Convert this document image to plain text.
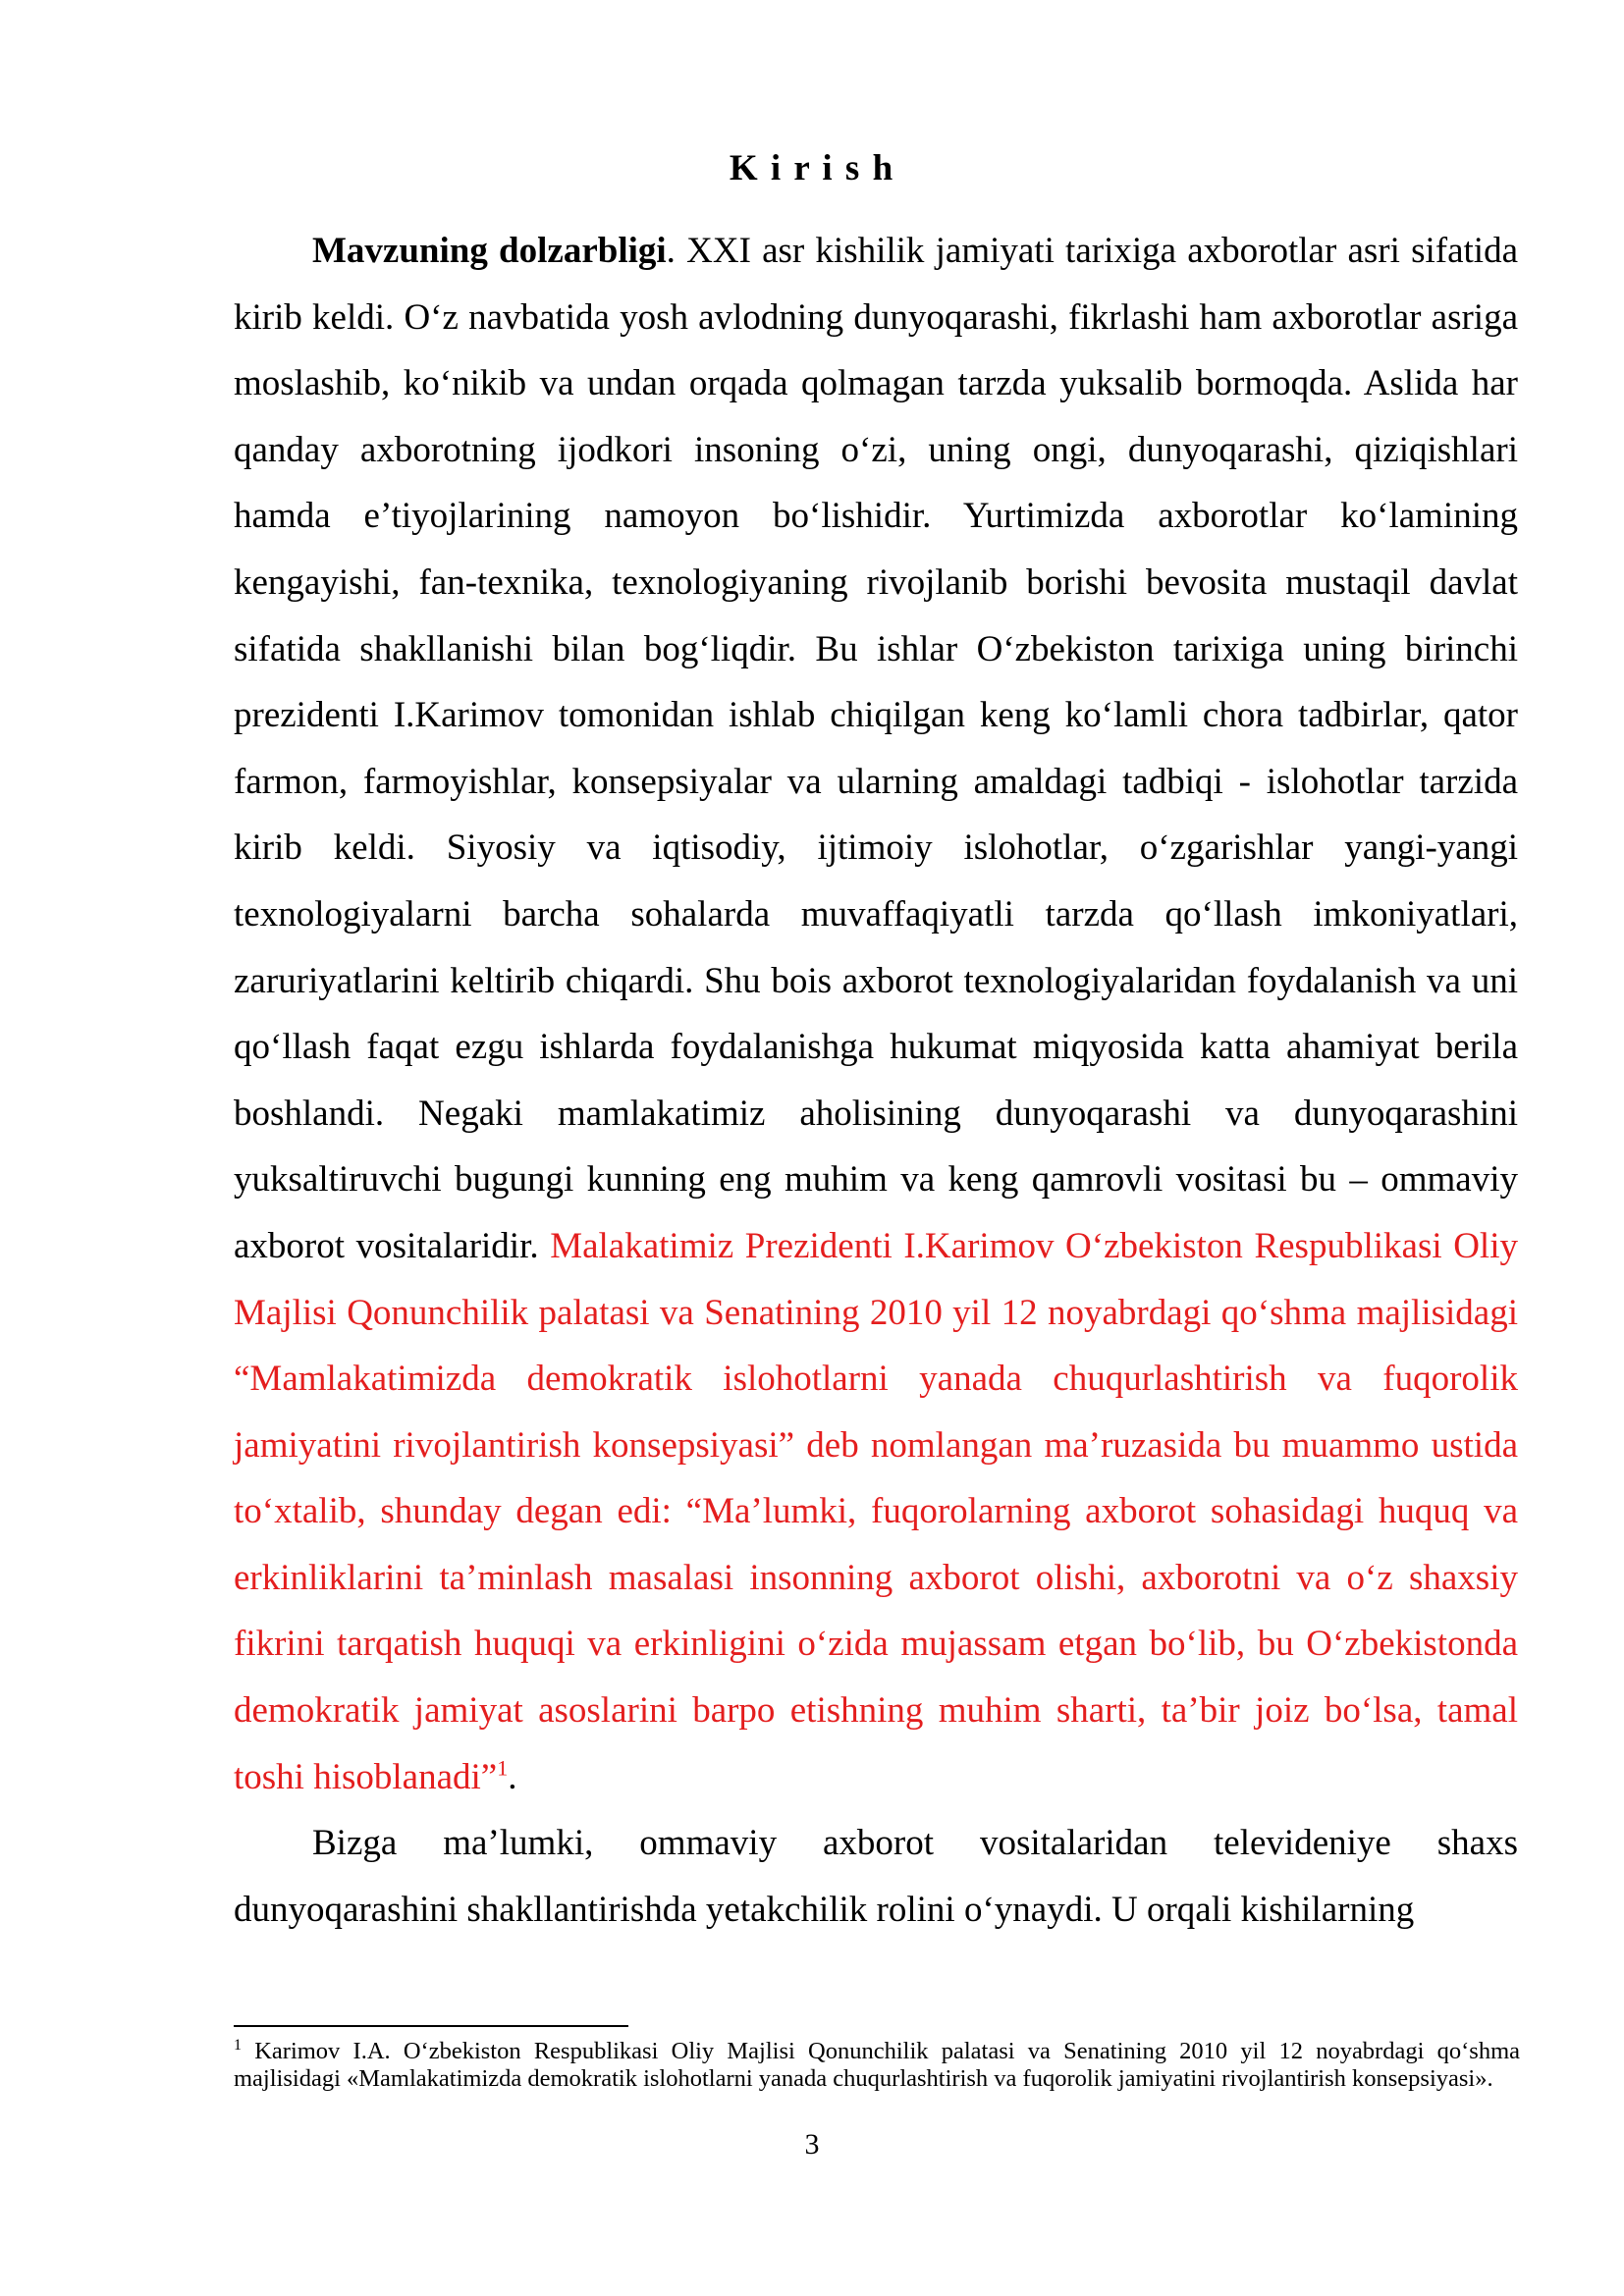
K i r i s h

Mavzuning dolzarbligi. XXI asr kishilik jamiyati tarixiga axborotlar asri sifatida kirib keldi. O‘z navbatida yosh avlodning dunyoqarashi, fikrlashi ham axborotlar asriga moslashib, ko‘nikib va undan orqada qolmagan tarzda yuksalib bormoqda. Aslida har qanday axborotning ijodkori insoning o‘zi, uning ongi, dunyoqarashi, qiziqishlari hamda e’tiyojlarining namoyon bo‘lishidir. Yurtimizda axborotlar ko‘lamining kengayishi, fan-texnika, texnologiyaning rivojlanib borishi bevosita mustaqil davlat sifatida shakllanishi bilan bog‘liqdir. Bu ishlar O‘zbekiston tarixiga uning birinchi prezidenti I.Karimov tomonidan ishlab chiqilgan keng ko‘lamli chora tadbirlar, qator farmon, farmoyishlar, konsepsiyalar va ularning amaldagi tadbiqi - islohotlar tarzida kirib keldi. Siyosiy va iqtisodiy, ijtimoiy islohotlar, o‘zgarishlar yangi-yangi texnologiyalarni barcha sohalarda muvaffaqiyatli tarzda qo‘llash imkoniyatlari, zaruriyatlarini keltirib chiqardi. Shu bois axborot texnologiyalaridan foydalanish va uni qo‘llash faqat ezgu ishlarda foydalanishga hukumat miqyosida katta ahamiyat berila boshlandi. Negaki mamlakatimiz aholisining dunyoqarashi va dunyoqarashini yuksaltiruvchi bugungi kunning eng muhim va keng qamrovli vositasi bu – ommaviy axborot vositalaridir. Malakatimiz Prezidenti I.Karimov O‘zbekiston Respublikasi Oliy Majlisi Qonunchilik palatasi va Senatining 2010 yil 12 noyabrdagi qo‘shma majlisidagi “Mamlakatimizda demokratik islohotlarni yanada chuqurlashtirish va fuqorolik jamiyatini rivojlantirish konsepsiyasi” deb nomlangan ma’ruzasida bu muammo ustida to‘xtalib, shunday degan edi: “Ma’lumki, fuqorolarning axborot sohasidagi huquq va erkinliklarini ta’minlash masalasi insonning axborot olishi, axborotni va o‘z shaxsiy fikrini tarqatish huquqi va erkinligini o‘zida mujassam etgan bo‘lib, bu O‘zbekistonda demokratik jamiyat asoslarini barpo etishning muhim sharti, ta’bir joiz bo‘lsa, tamal toshi hisoblanadi”$^1$.

Bizga ma’lumki, ommaviy axborot vositalaridan televideniye shaxs dunyoqarashini shakllantirishda yetakchilik rolini o‘ynaydi. U orqali kishilarning

$^1$ Karimov I.A. O‘zbekiston Respublikasi Oliy Majlisi Qonunchilik palatasi va Senatining 2010 yil 12 noyabrdagi qo‘shma majlisidagi «Mamlakatimizda demokratik islohotlarni yanada chuqurlashtirish va fuqorolik jamiyatini rivojlantirish konsepsiyasi».
3
